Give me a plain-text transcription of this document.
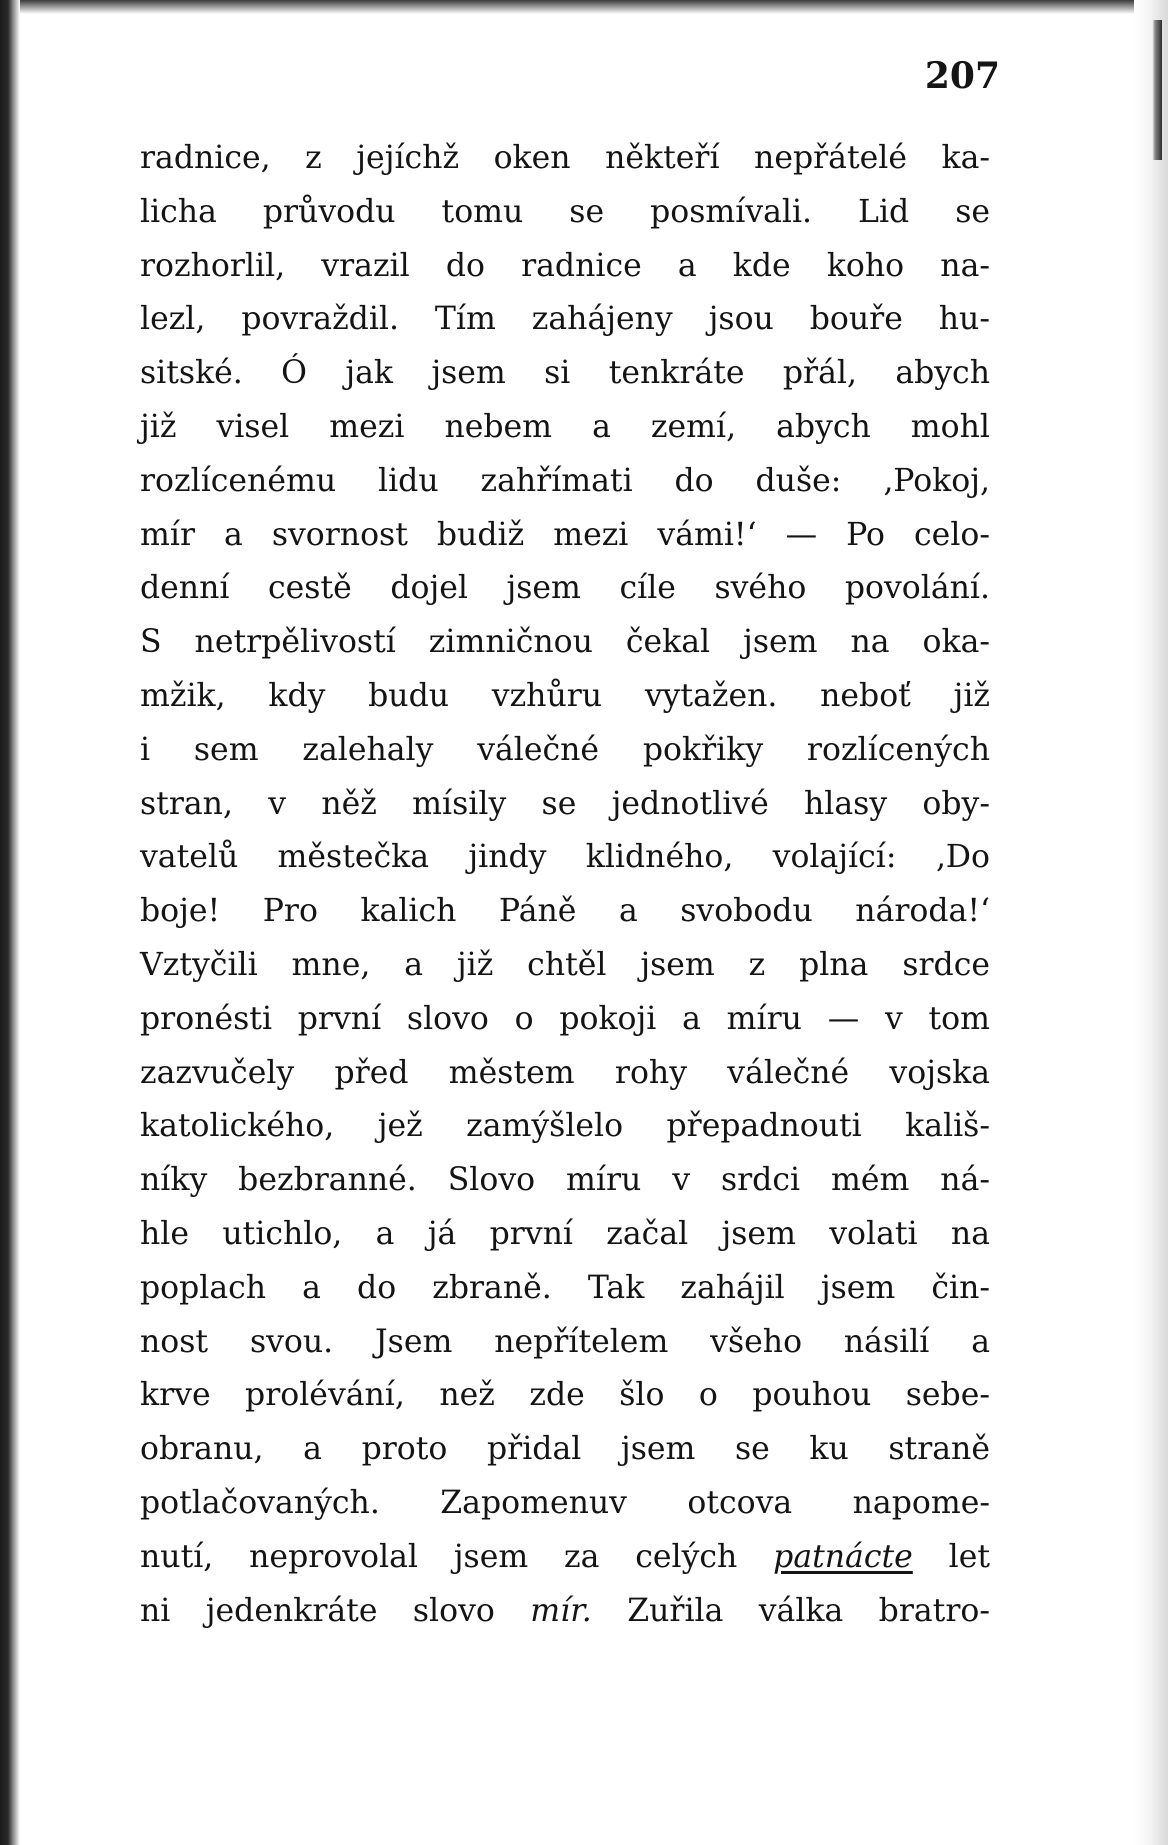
207
radnice, z jejíchž oken někteří nepřátelé ka-
licha průvodu tomu se posmívali. Lid se
rozhorlil, vrazil do radnice a kde koho na-
lezl, povraždil. Tím zahájeny jsou bouře hu-
sitské. Ó jak jsem si tenkráte přál, abych
již visel mezi nebem a zemí, abych mohl
rozlícenému lidu zahřímati do duše: ‚Pokoj,
mír a svornost budiž mezi vámi!‘ — Po celo-
denní cestě dojel jsem cíle svého povolání.
S netrpělivostí zimničnou čekal jsem na oka-
mžik, kdy budu vzhůru vytažen. neboť již
i sem zalehaly válečné pokřiky rozlícených
stran, v něž mísily se jednotlivé hlasy oby-
vatelů městečka jindy klidného, volající: ‚Do
boje! Pro kalich Páně a svobodu národa!‘
Vztyčili mne, a již chtěl jsem z plna srdce
pronésti první slovo o pokoji a míru — v tom
zazvučely před městem rohy válečné vojska
katolického, jež zamýšlelo přepadnouti kališ-
níky bezbranné. Slovo míru v srdci mém ná-
hle utichlo, a já první začal jsem volati na
poplach a do zbraně. Tak zahájil jsem čin-
nost svou. Jsem nepřítelem všeho násilí a
krve prolévání, než zde šlo o pouhou sebe-
obranu, a proto přidal jsem se ku straně
potlačovaných. Zapomenuv otcova napome-
nutí, neprovolal jsem za celých patnácte let
ni jedenkráte slovo mír. Zuřila válka bratro-
